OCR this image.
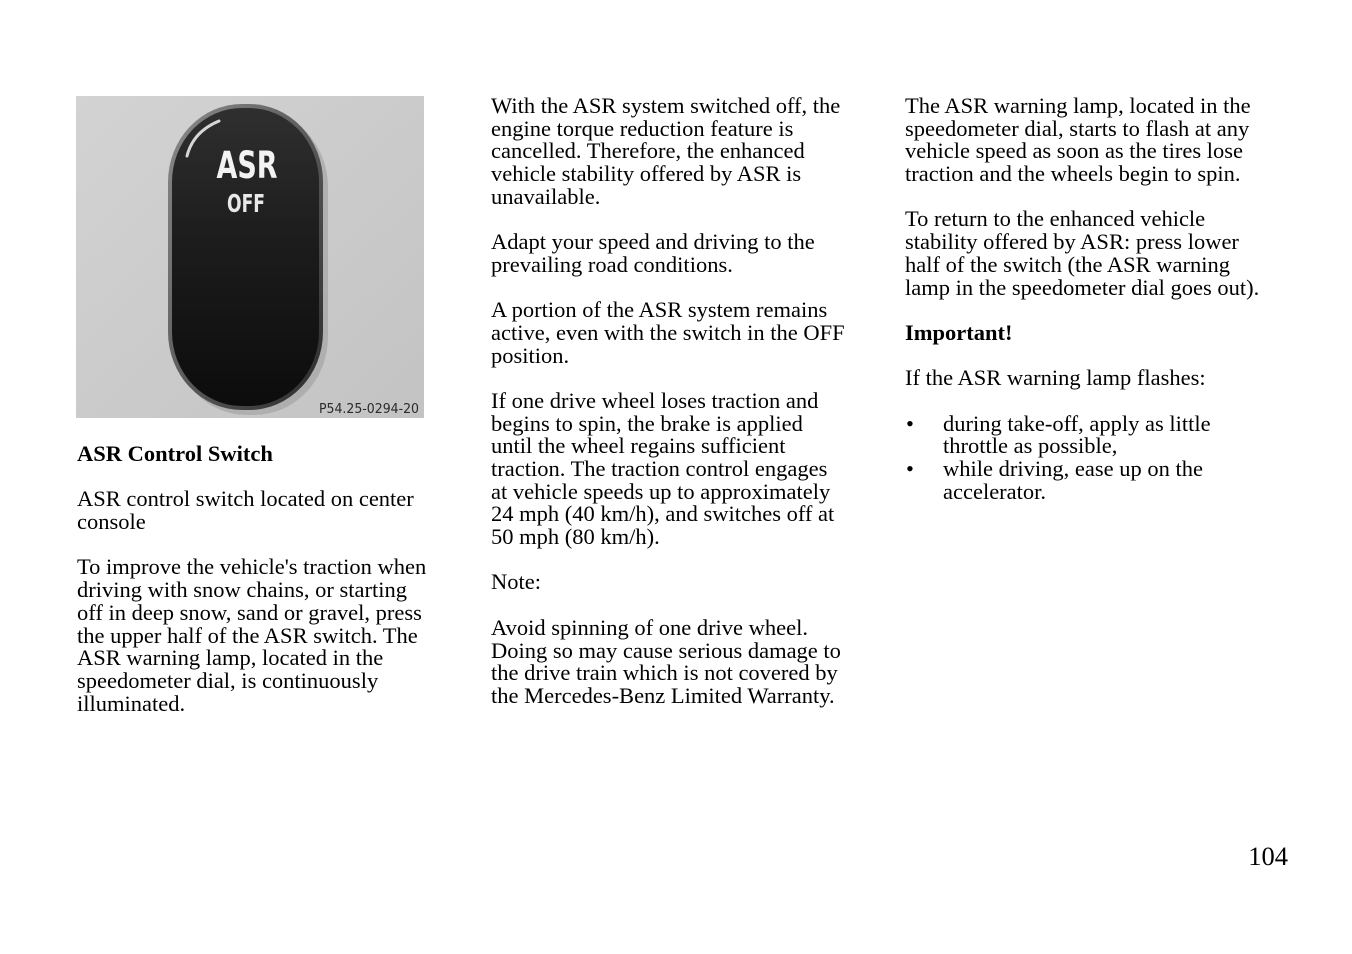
ASR
OFF
P54.25-0294-20
ASR Control Switch
ASR control switch located on center
console
To improve the vehicle's traction when
driving with snow chains, or starting
off in deep snow, sand or gravel, press
the upper half of the ASR switch. The
ASR warning lamp, located in the
speedometer dial, is continuously
illuminated.
With the ASR system switched off, the
engine torque reduction feature is
cancelled. Therefore, the enhanced
vehicle stability offered by ASR is
unavailable.
Adapt your speed and driving to the
prevailing road conditions.
A portion of the ASR system remains
active, even with the switch in the OFF
position.
If one drive wheel loses traction and
begins to spin, the brake is applied
until the wheel regains sufficient
traction. The traction control engages
at vehicle speeds up to approximately
24 mph (40 km/h), and switches off at
50 mph (80 km/h).
Note:
Avoid spinning of one drive wheel.
Doing so may cause serious damage to
the drive train which is not covered by
the Mercedes-Benz Limited Warranty.
The ASR warning lamp, located in the
speedometer dial, starts to flash at any
vehicle speed as soon as the tires lose
traction and the wheels begin to spin.
To return to the enhanced vehicle
stability offered by ASR: press lower
half of the switch (the ASR warning
lamp in the speedometer dial goes out).
Important!
If the ASR warning lamp flashes:
• during take-off, apply as little
throttle as possible,
• while driving, ease up on the
accelerator.
104
